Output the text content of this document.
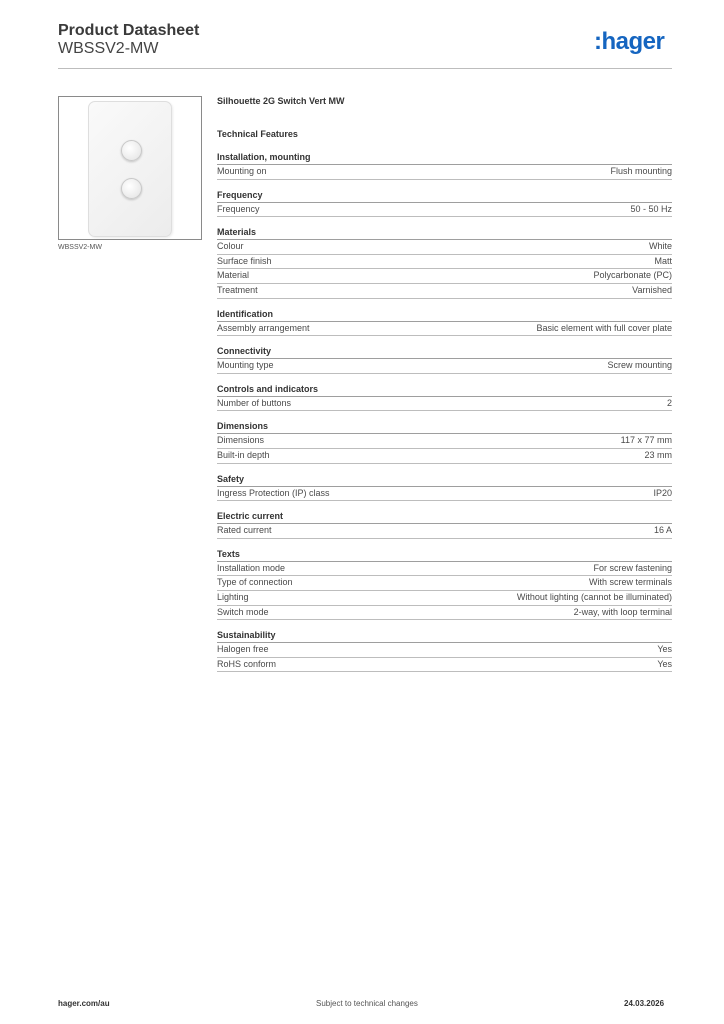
Product Datasheet
WBSSV2-MW	:hager
WBSSV2-MW
Silhouette 2G Switch Vert MW
Technical Features
Installation, mounting
Mounting on	Flush mounting
Frequency
Frequency	50 - 50 Hz
Materials
Colour	White
Surface finish	Matt
Material	Polycarbonate (PC)
Treatment	Varnished
Identification
Assembly arrangement	Basic element with full cover plate
Connectivity
Mounting type	Screw mounting
Controls and indicators
Number of buttons	2
Dimensions
Dimensions	117 x 77 mm
Built-in depth	23 mm
Safety
Ingress Protection (IP) class	IP20
Electric current
Rated current	16 A
Texts
Installation mode	For screw fastening
Type of connection	With screw terminals
Lighting	Without lighting (cannot be illuminated)
Switch mode	2-way, with loop terminal
Sustainability
Halogen free	Yes
RoHS conform	Yes
hager.com/au	Subject to technical changes	24.03.2026
